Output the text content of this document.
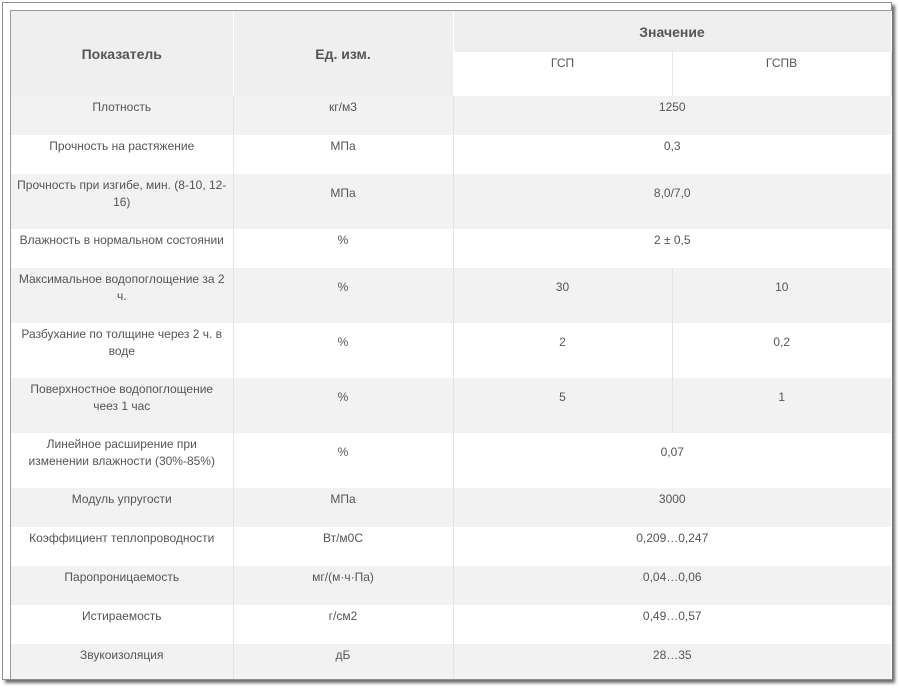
Показатель	Ед. изм.	Значение	
		ГСП	ГСПВ
Плотность	кг/м3	1250	
Прочность на растяжение	МПа	0,3	
Прочность при изгибе, мин. (8-10, 12-16)	МПа	8,0/7,0	
Влажность в нормальном состоянии	%	2 ± 0,5	
Максимальное водопоглощение за 2 ч.	%	30	10
Разбухание по толщине через 2 ч. в воде	%	2	0,2
Поверхностное водопоглощение чеез 1 час	%	5	1
Линейное расширение при изменении влажности (30%-85%)	%	0,07	
Модуль упругости	МПа	3000	
Коэффициент теплопроводности	Вт/м0С	0,209…0,247	
Паропроницаемость	мг/(м·ч·Па)	0,04…0,06	
Истираемость	г/см2	0,49…0,57	
Звукоизоляция	дБ	28…35	
